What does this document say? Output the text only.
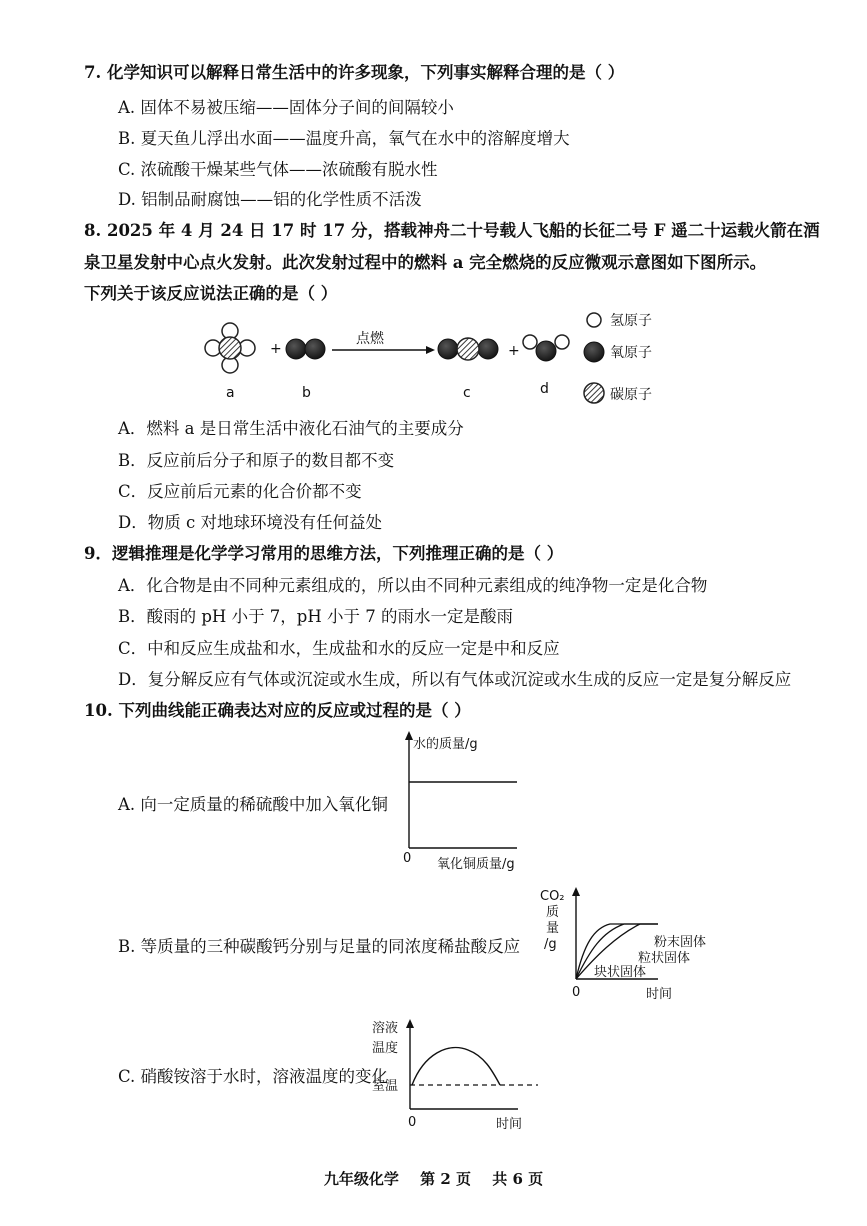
7. 化学知识可以解释日常生活中的许多现象，下列事实解释合理的是（ ）
A. 固体不易被压缩——固体分子间的间隔较小
B. 夏天鱼儿浮出水面——温度升高，氧气在水中的溶解度增大
C. 浓硫酸干燥某些气体——浓硫酸有脱水性
D. 铝制品耐腐蚀——铝的化学性质不活泼
8. 2025 年 4 月 24 日 17 时 17 分，搭载神舟二十号载人飞船的长征二号 F 遥二十运载火箭在酒
泉卫星发射中心点火发射。此次发射过程中的燃料 a 完全燃烧的反应微观示意图如下图所示。
下列关于该反应说法正确的是（ ）
+
点燃
+
a	b	c	d
氢原子
氧原子
碳原子
A．燃料 a 是日常生活中液化石油气的主要成分
B．反应前后分子和原子的数目都不变
C．反应前后元素的化合价都不变
D．物质 c 对地球环境没有任何益处
9．逻辑推理是化学学习常用的思维方法，下列推理正确的是（ ）
A．化合物是由不同种元素组成的，所以由不同种元素组成的纯净物一定是化合物
B．酸雨的 pH 小于 7，pH 小于 7 的雨水一定是酸雨
C．中和反应生成盐和水，生成盐和水的反应一定是中和反应
D．复分解反应有气体或沉淀或水生成，所以有气体或沉淀或水生成的反应一定是复分解反应
10. 下列曲线能正确表达对应的反应或过程的是（ ）
A. 向一定质量的稀硫酸中加入氧化铜
水的质量/g
0 氧化铜质量/g
B. 等质量的三种碳酸钙分别与足量的同浓度稀盐酸反应
CO₂
质
量
/g	粉末固体
粒状固体
块状固体
0	时间
C. 硝酸铵溶于水时，溶液温度的变化
溶液
温度
室温
0	时间
九年级化学 第 2 页 共 6 页
